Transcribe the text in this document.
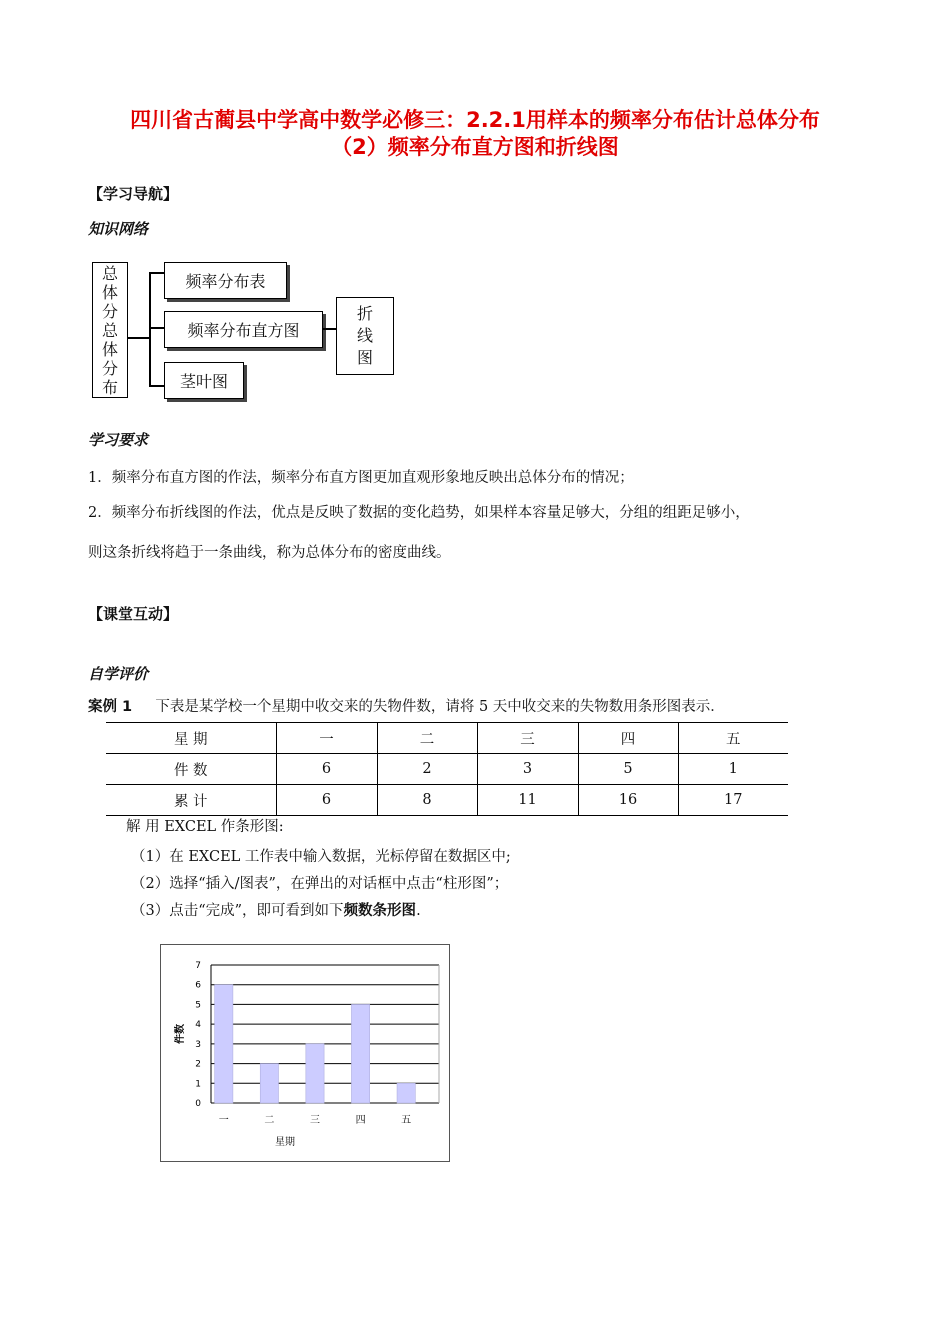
四川省古蔺县中学高中数学必修三：2.2.1用样本的频率分布估计总体分布
（2）频率分布直方图和折线图
【学习导航】
知识网络
总
体
分
总
体
分
布
频率分布表
频率分布直方图
茎叶图
折
线
图
学习要求
1．频率分布直方图的作法，频率分布直方图更加直观形象地反映出总体分布的情况；
2．频率分布折线图的作法，优点是反映了数据的变化趋势，如果样本容量足够大，分组的组距足够小，
则这条折线将趋于一条曲线，称为总体分布的密度曲线。
【课堂互动】
自学评价
案例 1 下表是某学校一个星期中收交来的失物件数，请将 5 天中收交来的失物数用条形图表示．
星 期	一	二	三	四	五
件 数	6	2	3	5	1
累 计	6	8	11	16	17
解 用 EXCEL 作条形图:
（1）在 EXCEL 工作表中输入数据，光标停留在数据区中;
（2）选择“插入/图表”，在弹出的对话框中点击“柱形图”；
（3）点击“完成”，即可看到如下频数条形图.
0
1
2
3
4
5
6
7
一	二	三	四	五
星期
件数
